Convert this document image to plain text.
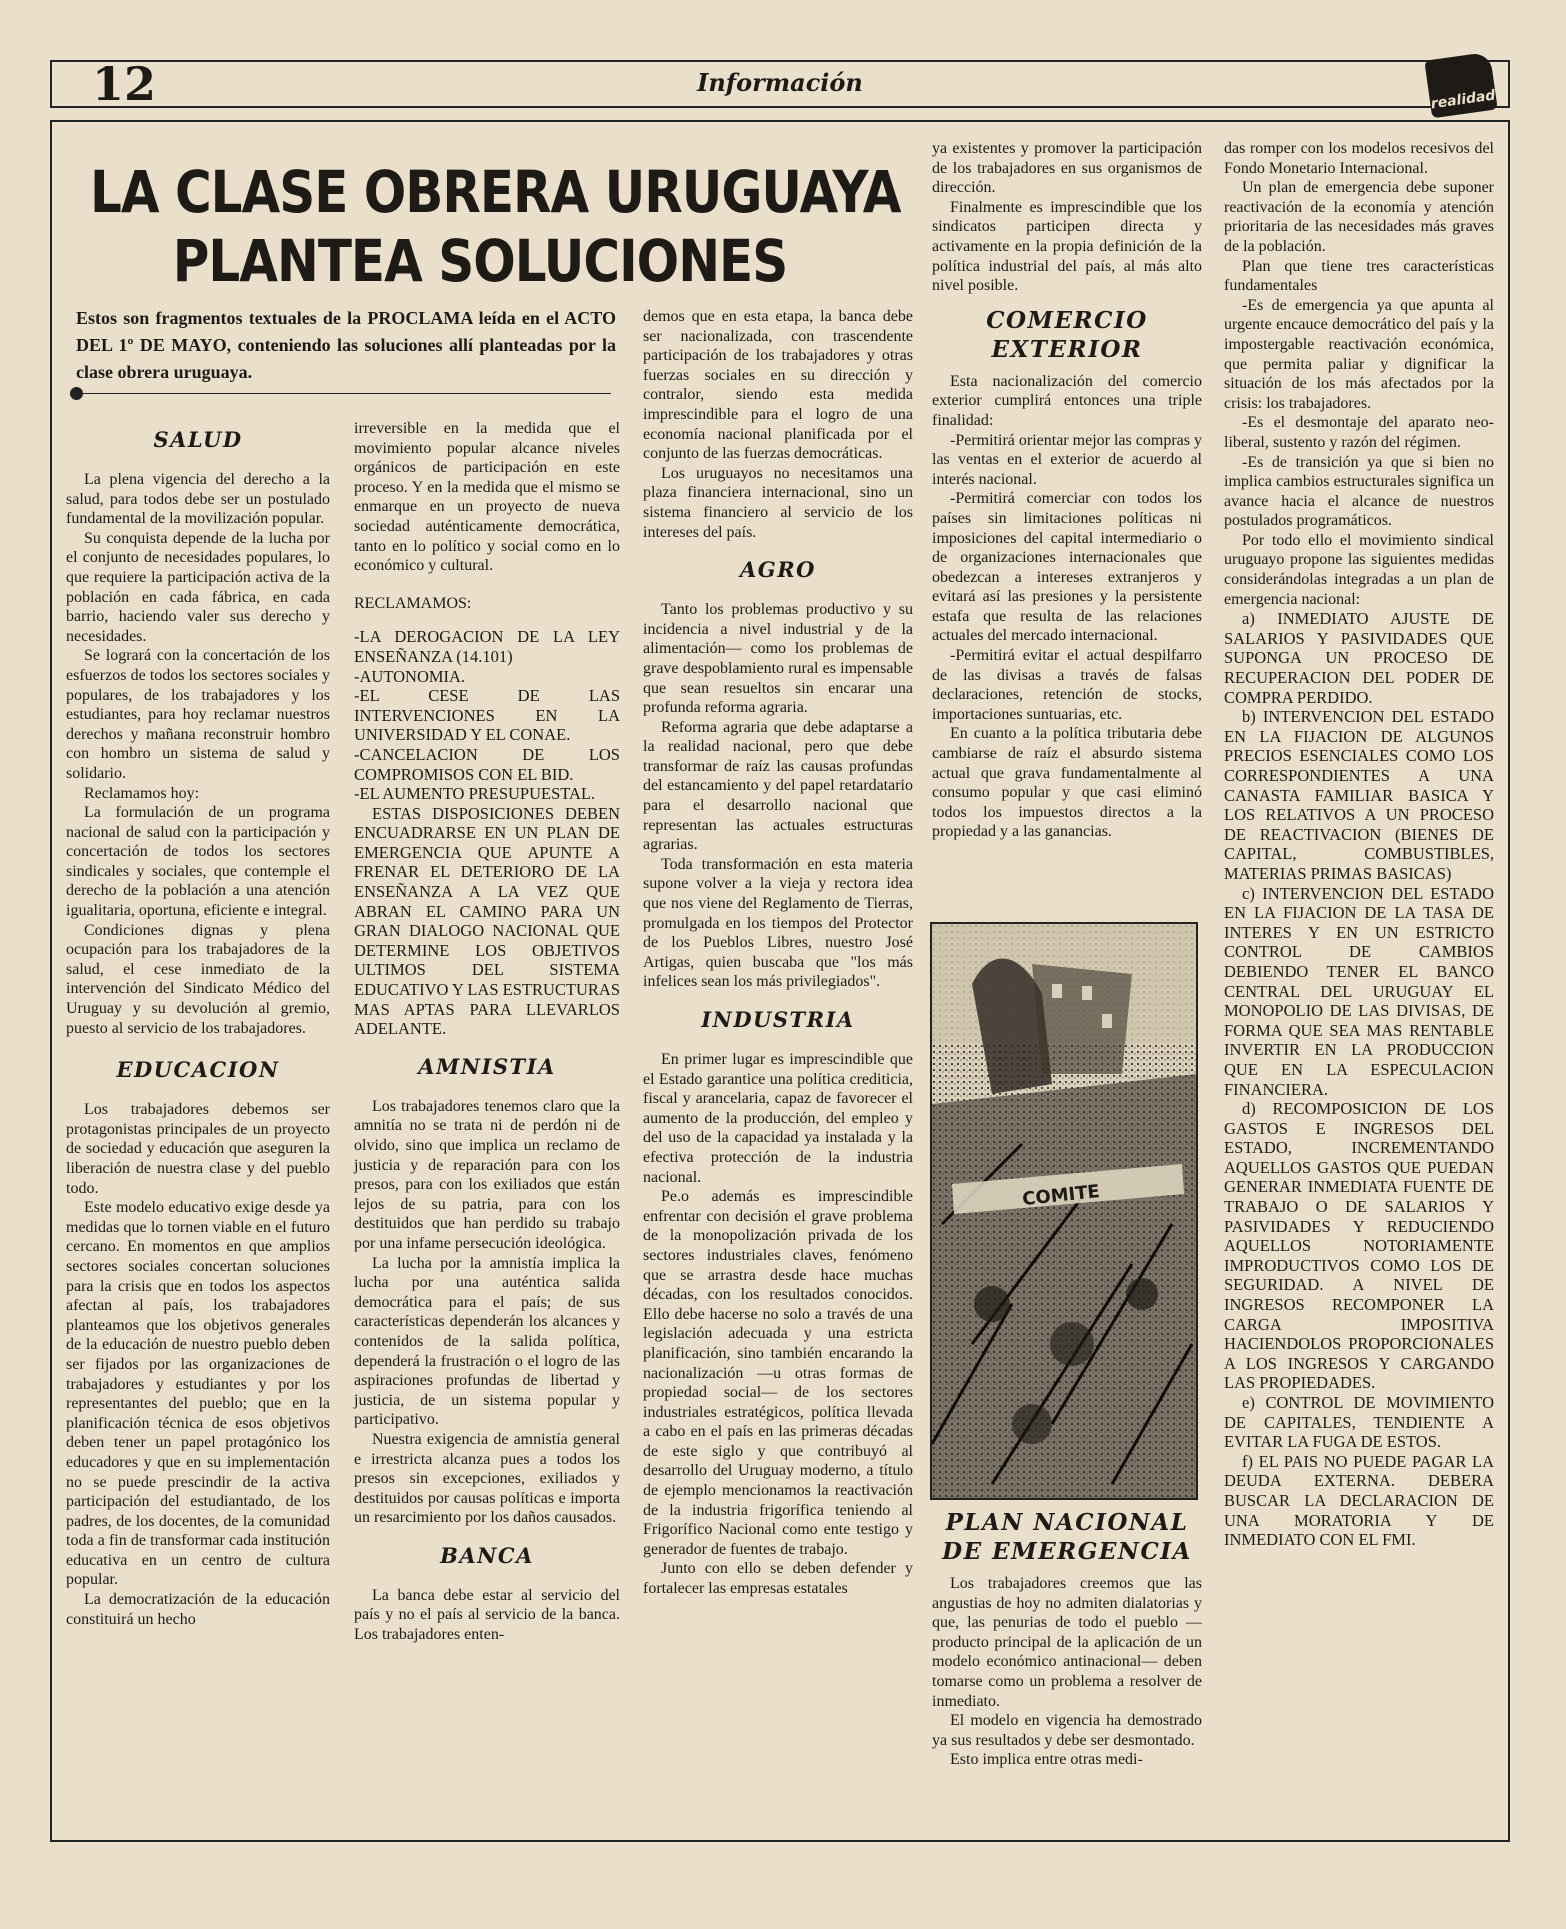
12	Información
realidad
LA CLASE OBRERA URUGUAYA
PLANTEA SOLUCIONES
Estos son fragmentos textuales de la PROCLAMA leída en el ACTO DEL 1º DE MAYO, conteniendo las soluciones allí planteadas por la clase obrera uruguaya.
SALUD

La plena vigencia del derecho a la salud, para todos debe ser un postulado fundamental de la movilización popular.

Su conquista depende de la lucha por el conjunto de necesidades populares, lo que requiere la participación activa de la población en cada fábrica, en cada barrio, haciendo valer sus derecho y necesidades.

Se logrará con la concertación de los esfuerzos de todos los sectores sociales y populares, de los trabajadores y los estudiantes, para hoy reclamar nuestros derechos y mañana reconstruir hombro con hombro un sistema de salud y solidario.

Reclamamos hoy:

La formulación de un programa nacional de salud con la participación y concertación de todos los sectores sindicales y sociales, que contemple el derecho de la población a una atención igualitaria, oportuna, eficiente e integral.

Condiciones dignas y plena ocupación para los trabajadores de la salud, el cese inmediato de la intervención del Sindicato Médico del Uruguay y su devolución al gremio, puesto al servicio de los trabajadores.

EDUCACION

Los trabajadores debemos ser protagonistas principales de un proyecto de sociedad y educación que aseguren la liberación de nuestra clase y del pueblo todo.

Este modelo educativo exige desde ya medidas que lo tornen viable en el futuro cercano. En momentos en que amplios sectores sociales concertan soluciones para la crisis que en todos los aspectos afectan al país, los trabajadores planteamos que los objetivos generales de la educación de nuestro pueblo deben ser fijados por las organizaciones de trabajadores y estudiantes y por los representantes del pueblo; que en la planificación técnica de esos objetivos deben tener un papel protagónico los educadores y que en su implementación no se puede prescindir de la activa participación del estudiantado, de los padres, de los docentes, de la comunidad toda a fin de transformar cada institución educativa en un centro de cultura popular.

La democratización de la educación constituirá un hecho

irreversible en la medida que el movimiento popular alcance niveles orgánicos de participación en este proceso. Y en la medida que el mismo se enmarque en un proyecto de nueva sociedad auténticamente democrática, tanto en lo político y social como en lo económico y cultural.

RECLAMAMOS:

-LA DEROGACION DE LA LEY ENSEÑANZA (14.101)

-AUTONOMIA.

-EL CESE DE LAS INTERVENCIONES EN LA UNIVERSIDAD Y EL CONAE.

-CANCELACION DE LOS COMPROMISOS CON EL BID.

-EL AUMENTO PRESUPUESTAL.

ESTAS DISPOSICIONES DEBEN ENCUADRARSE EN UN PLAN DE EMERGENCIA QUE APUNTE A FRENAR EL DETERIORO DE LA ENSEÑANZA A LA VEZ QUE ABRAN EL CAMINO PARA UN GRAN DIALOGO NACIONAL QUE DETERMINE LOS OBJETIVOS ULTIMOS DEL SISTEMA EDUCATIVO Y LAS ESTRUCTURAS MAS APTAS PARA LLEVARLOS ADELANTE.

AMNISTIA

Los trabajadores tenemos claro que la amnitía no se trata ni de perdón ni de olvido, sino que implica un reclamo de justicia y de reparación para con los presos, para con los exiliados que están lejos de su patria, para con los destituidos que han perdido su trabajo por una infame persecución ideológica.

La lucha por la amnistía implica la lucha por una auténtica salida democrática para el país; de sus características dependerán los alcances y contenidos de la salida política, dependerá la frustración o el logro de las aspiraciones profundas de libertad y justicia, de un sistema popular y participativo.

Nuestra exigencia de amnistía general e irrestricta alcanza pues a todos los presos sin excepciones, exiliados y destituidos por causas políticas e importa un resarcimiento por los daños causados.

BANCA

La banca debe estar al servicio del país y no el país al servicio de la banca. Los trabajadores enten-

demos que en esta etapa, la banca debe ser nacionalizada, con trascendente participación de los trabajadores y otras fuerzas sociales en su dirección y contralor, siendo esta medida imprescindible para el logro de una economía nacional planificada por el conjunto de las fuerzas democráticas.

Los uruguayos no necesitamos una plaza financiera internacional, sino un sistema financiero al servicio de los intereses del país.

AGRO

Tanto los problemas productivo y su incidencia a nivel industrial y de la alimentación— como los problemas de grave despoblamiento rural es impensable que sean resueltos sin encarar una profunda reforma agraria.

Reforma agraria que debe adaptarse a la realidad nacional, pero que debe transformar de raíz las causas profundas del estancamiento y del papel retardatario para el desarrollo nacional que representan las actuales estructuras agrarias.

Toda transformación en esta materia supone volver a la vieja y rectora idea que nos viene del Reglamento de Tierras, promulgada en los tiempos del Protector de los Pueblos Libres, nuestro José Artigas, quien buscaba que "los más infelices sean los más privilegiados".

INDUSTRIA

En primer lugar es imprescindible que el Estado garantice una política crediticia, fiscal y arancelaria, capaz de favorecer el aumento de la producción, del empleo y del uso de la capacidad ya instalada y la efectiva protección de la industria nacional.

Pe.o además es imprescindible enfrentar con decisión el grave problema de la monopolización privada de los sectores industriales claves, fenómeno que se arrastra desde hace muchas décadas, con los resultados conocidos. Ello debe hacerse no solo a través de una legislación adecuada y una estricta planificación, sino también encarando la nacionalización —u otras formas de propiedad social— de los sectores industriales estratégicos, política llevada a cabo en el país en las primeras décadas de este siglo y que contribuyó al desarrollo del Uruguay moderno, a título de ejemplo mencionamos la reactivación de la industria frigorífica teniendo al Frigorífico Nacional como ente testigo y generador de fuentes de trabajo.

Junto con ello se deben defender y fortalecer las empresas estatales

ya existentes y promover la participación de los trabajadores en sus organismos de dirección.

Finalmente es imprescindible que los sindicatos participen directa y activamente en la propia definición de la política industrial del país, al más alto nivel posible.

COMERCIO
EXTERIOR

Esta nacionalización del comercio exterior cumplirá entonces una triple finalidad:

-Permitirá orientar mejor las compras y las ventas en el exterior de acuerdo al interés nacional.

-Permitirá comerciar con todos los países sin limitaciones políticas ni imposiciones del capital intermediario o de organizaciones internacionales que obedezcan a intereses extranjeros y evitará así las presiones y la persistente estafa que resulta de las relaciones actuales del mercado internacional.

-Permitirá evitar el actual despilfarro de las divisas a través de falsas declaraciones, retención de stocks, importaciones suntuarias, etc.

En cuanto a la política tributaria debe cambiarse de raíz el absurdo sistema actual que grava fundamentalmente al consumo popular y que casi eliminó todos los impuestos directos a la propiedad y a las ganancias.

COMITE
PLAN NACIONAL
DE EMERGENCIA

Los trabajadores creemos que las angustias de hoy no admiten dialatorias y que, las penurias de todo el pueblo —producto principal de la aplicación de un modelo económico antinacional— deben tomarse como un problema a resolver de inmediato.

El modelo en vigencia ha demostrado ya sus resultados y debe ser desmontado.

Esto implica entre otras medi-

das romper con los modelos recesivos del Fondo Monetario Internacional.

Un plan de emergencia debe suponer reactivación de la economía y atención prioritaria de las necesidades más graves de la población.

Plan que tiene tres características fundamentales

-Es de emergencia ya que apunta al urgente encauce democrático del país y la impostergable reactivación económica, que permita paliar y dignificar la situación de los más afectados por la crisis: los trabajadores.

-Es el desmontaje del aparato neo-liberal, sustento y razón del régimen.

-Es de transición ya que si bien no implica cambios estructurales significa un avance hacia el alcance de nuestros postulados programáticos.

Por todo ello el movimiento sindical uruguayo propone las siguientes medidas considerándolas integradas a un plan de emergencia nacional:

a) INMEDIATO AJUSTE DE SALARIOS Y PASIVIDADES QUE SUPONGA UN PROCESO DE RECUPERACION DEL PODER DE COMPRA PERDIDO.

b) INTERVENCION DEL ESTADO EN LA FIJACION DE ALGUNOS PRECIOS ESENCIALES COMO LOS CORRESPONDIENTES A UNA CANASTA FAMILIAR BASICA Y LOS RELATIVOS A UN PROCESO DE REACTIVACION (BIENES DE CAPITAL, COMBUSTIBLES, MATERIAS PRIMAS BASICAS)

c) INTERVENCION DEL ESTADO EN LA FIJACION DE LA TASA DE INTERES Y EN UN ESTRICTO CONTROL DE CAMBIOS DEBIENDO TENER EL BANCO CENTRAL DEL URUGUAY EL MONOPOLIO DE LAS DIVISAS, DE FORMA QUE SEA MAS RENTABLE INVERTIR EN LA PRODUCCION QUE EN LA ESPECULACION FINANCIERA.

d) RECOMPOSICION DE LOS GASTOS E INGRESOS DEL ESTADO, INCREMENTANDO AQUELLOS GASTOS QUE PUEDAN GENERAR INMEDIATA FUENTE DE TRABAJO O DE SALARIOS Y PASIVIDADES Y REDUCIENDO AQUELLOS NOTORIAMENTE IMPRODUCTIVOS COMO LOS DE SEGURIDAD. A NIVEL DE INGRESOS RECOMPONER LA CARGA IMPOSITIVA HACIENDOLOS PROPORCIONALES A LOS INGRESOS Y CARGANDO LAS PROPIEDADES.

e) CONTROL DE MOVIMIENTO DE CAPITALES, TENDIENTE A EVITAR LA FUGA DE ESTOS.

f) EL PAIS NO PUEDE PAGAR LA DEUDA EXTERNA. DEBERA BUSCAR LA DECLARACION DE UNA MORATORIA Y DE INMEDIATO CON EL FMI.
